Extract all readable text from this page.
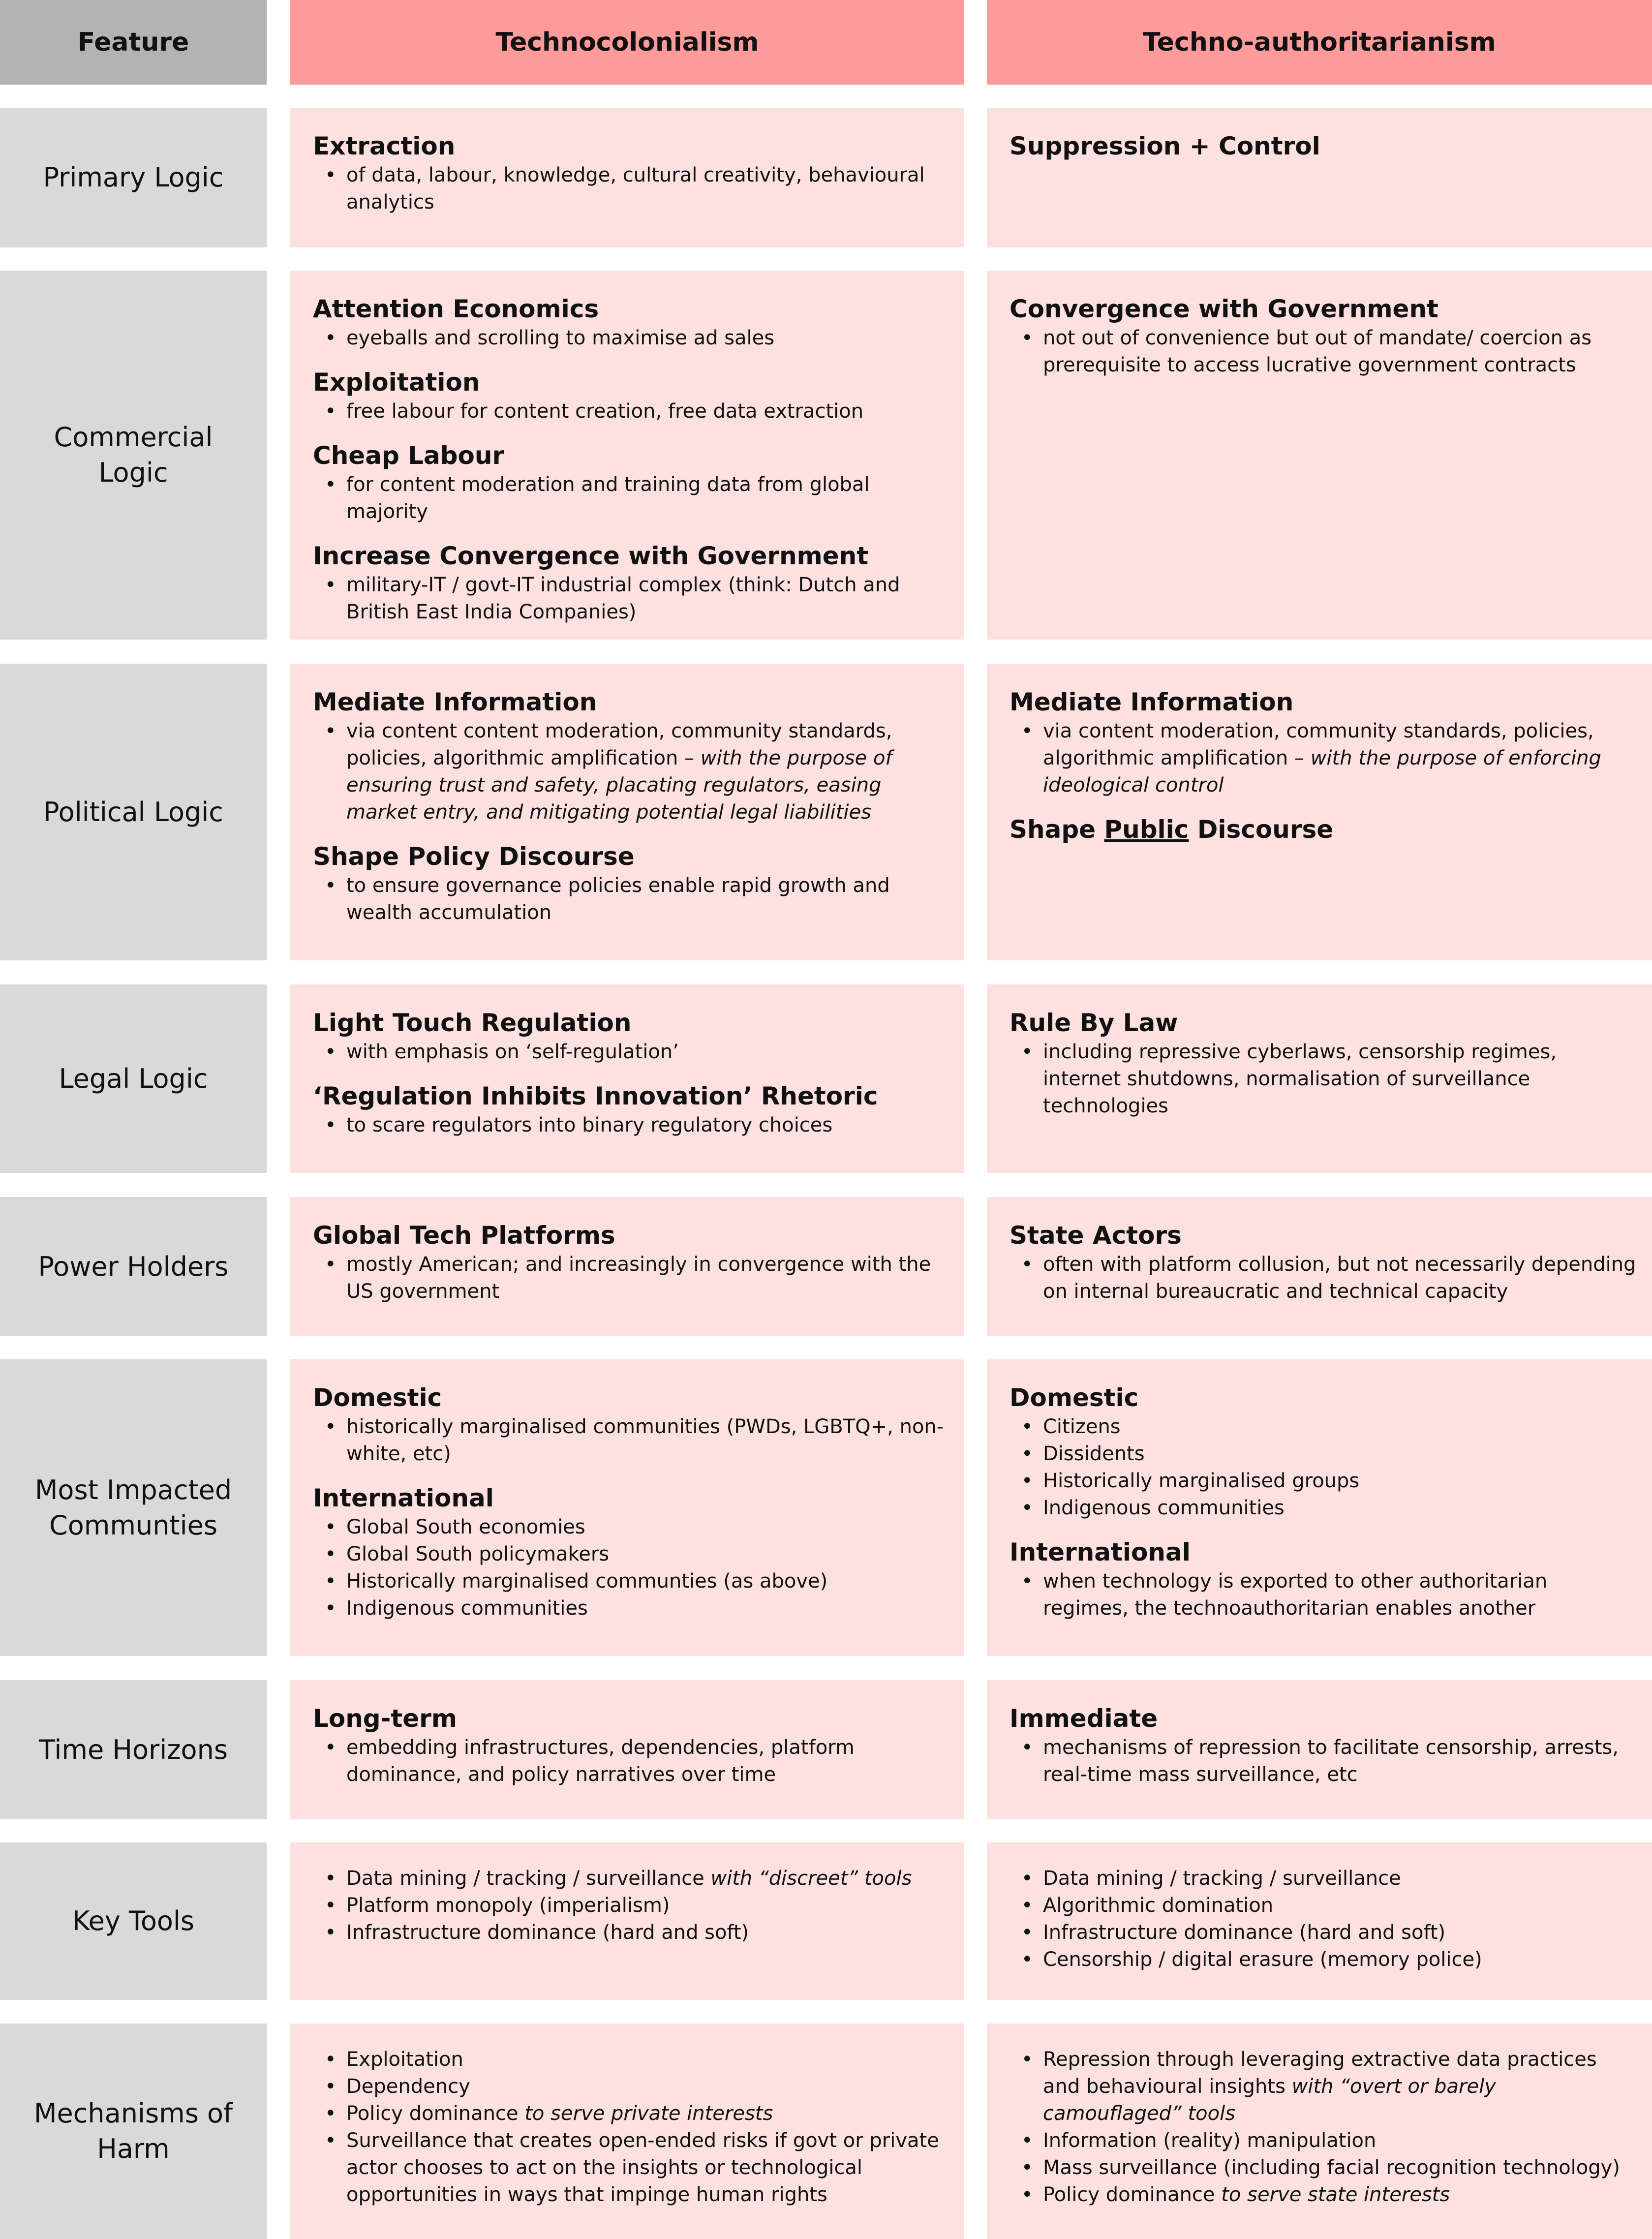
Feature	Technocolonialism	Techno-authoritarianism
Primary Logic
Extraction
• of data, labour, knowledge, cultural creativity, behavioural analytics
Suppression + Control
Commercial Logic
Attention Economics
• eyeballs and scrolling to maximise ad sales
Exploitation
• free labour for content creation, free data extraction
Cheap Labour
• for content moderation and training data from global majority
Increase Convergence with Government
• military-IT / govt-IT industrial complex (think: Dutch and British East India Companies)
Convergence with Government
• not out of convenience but out of mandate/ coercion as prerequisite to access lucrative government contracts
Political Logic
Mediate Information
• via content content moderation, community standards, policies, algorithmic amplification – with the purpose of ensuring trust and safety, placating regulators, easing market entry, and mitigating potential legal liabilities
Shape Policy Discourse
• to ensure governance policies enable rapid growth and wealth accumulation
Mediate Information
• via content moderation, community standards, policies, algorithmic amplification – with the purpose of enforcing ideological control
Shape Public Discourse
Legal Logic
Light Touch Regulation
• with emphasis on ‘self-regulation’
‘Regulation Inhibits Innovation’ Rhetoric
• to scare regulators into binary regulatory choices
Rule By Law
• including repressive cyberlaws, censorship regimes, internet shutdowns, normalisation of surveillance technologies
Power Holders
Global Tech Platforms
• mostly American; and increasingly in convergence with the US government
State Actors
• often with platform collusion, but not necessarily depending on internal bureaucratic and technical capacity
Most Impacted Communties
Domestic
• historically marginalised communities (PWDs, LGBTQ+, non-white, etc)
International
• Global South economies
• Global South policymakers
• Historically marginalised communties (as above)
• Indigenous communities
Domestic
• Citizens
• Dissidents
• Historically marginalised groups
• Indigenous communities
International
• when technology is exported to other authoritarian regimes, the technoauthoritarian enables another
Time Horizons
Long-term
• embedding infrastructures, dependencies, platform dominance, and policy narratives over time
Immediate
• mechanisms of repression to facilitate censorship, arrests, real-time mass surveillance, etc
Key Tools
• Data mining / tracking / surveillance with “discreet” tools
• Platform monopoly (imperialism)
• Infrastructure dominance (hard and soft)
• Data mining / tracking / surveillance
• Algorithmic domination
• Infrastructure dominance (hard and soft)
• Censorship / digital erasure (memory police)
Mechanisms of Harm
• Exploitation
• Dependency
• Policy dominance to serve private interests
• Surveillance that creates open-ended risks if govt or private actor chooses to act on the insights or technological opportunities in ways that impinge human rights
• Repression through leveraging extractive data practices and behavioural insights with “overt or barely camouflaged” tools
• Information (reality) manipulation
• Mass surveillance (including facial recognition technology)
• Policy dominance to serve state interests
